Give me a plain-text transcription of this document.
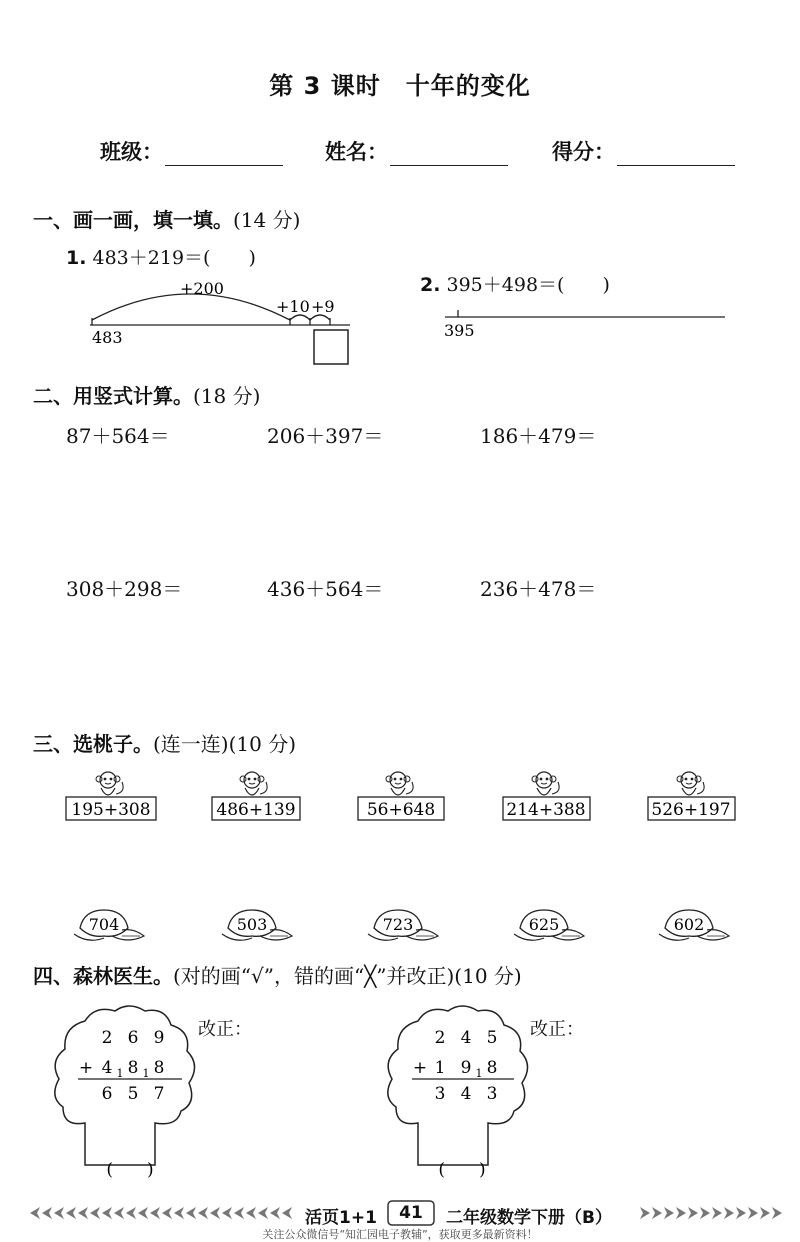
第 3 课时　十年的变化
班级：	姓名：	得分：
一、画一画，填一填。(14 分)
1. 483＋219＝(　　)
2. 395＋498＝(　　)
483
+200
+10 +9
395
二、用竖式计算。(18 分)
87＋564＝	206＋397＝	186＋479＝
308＋298＝	436＋564＝	236＋478＝
三、选桃子。(连一连)(10 分)
195+308	486+139	56+648	214+388	526+197
704	503	723	625	602
四、森林医生。(对的画“√”，错的画“╳”并改正)(10 分)
2 6 9
+ 4 1 8 1 8
6 5 7
(　　)
2 4 5
+ 1 9 1 8
3 4 3
(　　)
改正：	改正：
活页1+1	41	二年级数学下册（B）
关注公众微信号“知汇园电子教辅”，获取更多最新资料！
